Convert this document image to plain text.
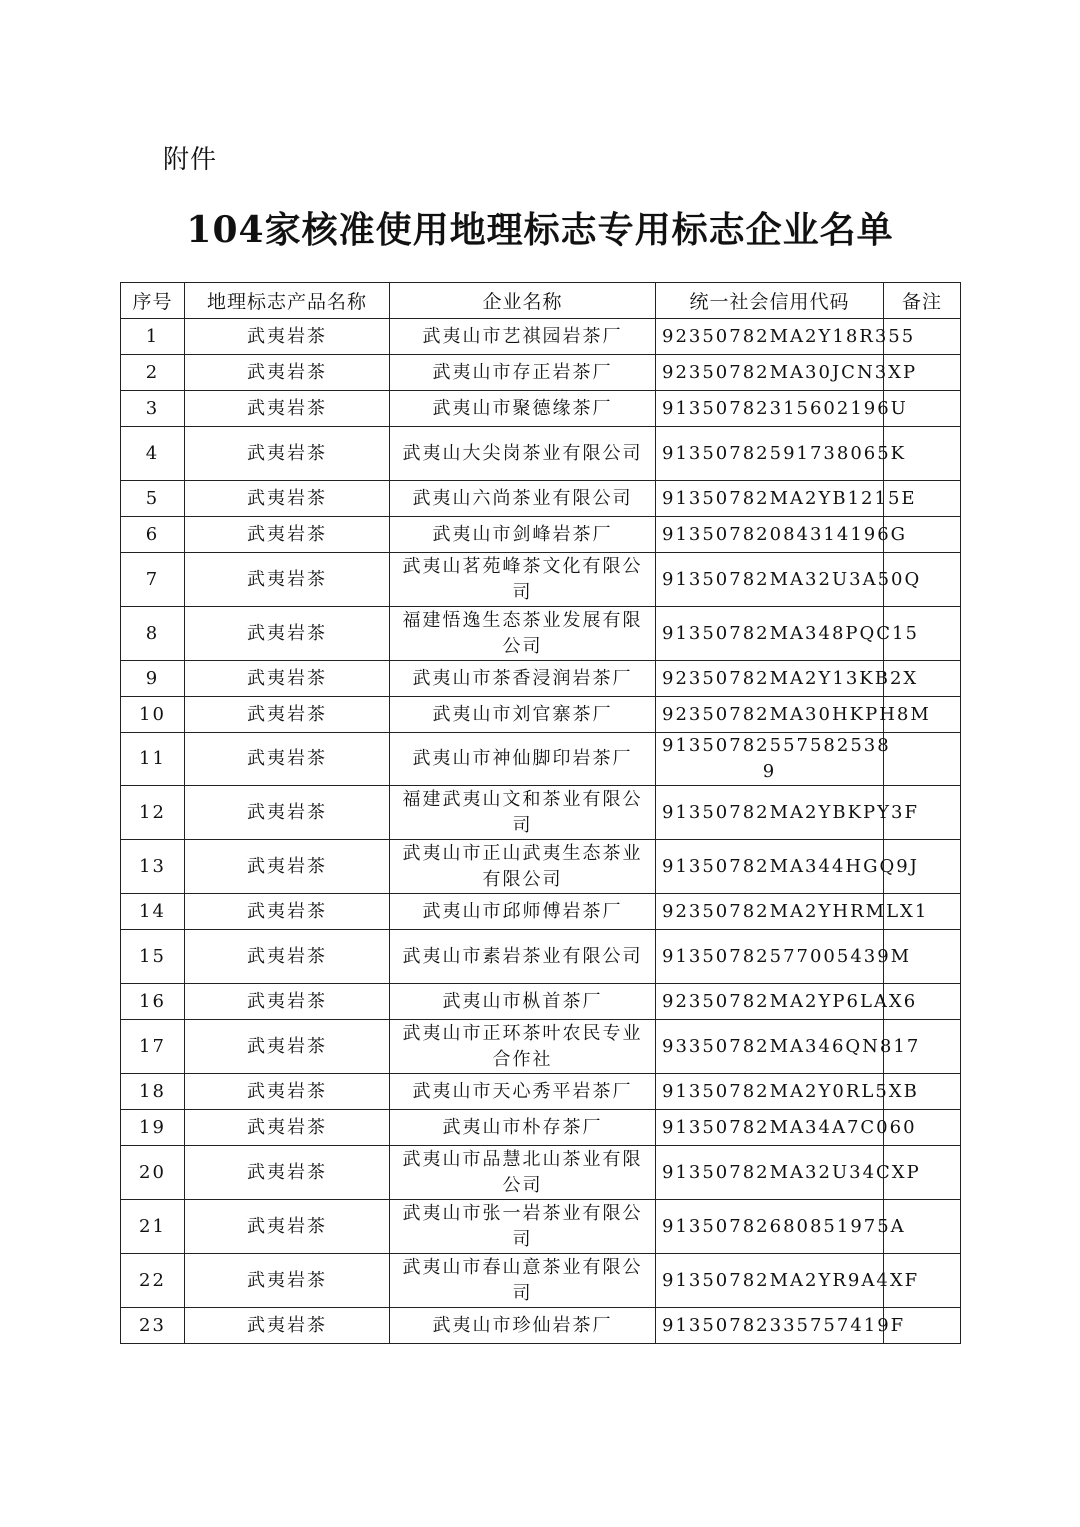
附件
104家核准使用地理标志专用标志企业名单
序号	地理标志产品名称	企业名称	统一社会信用代码	备注
1	武夷岩茶	武夷山市艺祺园岩茶厂	92350782MA2Y18R355	
2	武夷岩茶	武夷山市存正岩茶厂	92350782MA30JCN3XP	
3	武夷岩茶	武夷山市聚德缘茶厂	91350782315602196U	
4	武夷岩茶	武夷山大尖岗茶业有限公司	91350782591738065K	
5	武夷岩茶	武夷山六尚茶业有限公司	91350782MA2YB1215E	
6	武夷岩茶	武夷山市剑峰岩茶厂	91350782084314196G	
7	武夷岩茶	武夷山茗苑峰茶文化有限公司	91350782MA32U3A50Q	
8	武夷岩茶	福建悟逸生态茶业发展有限公司	91350782MA348PQC15	
9	武夷岩茶	武夷山市茶香浸润岩茶厂	92350782MA2Y13KB2X	
10	武夷岩茶	武夷山市刘官寨茶厂	92350782MA30HKPH8M	
11	武夷岩茶	武夷山市神仙脚印岩茶厂	91350782557582538 9	
12	武夷岩茶	福建武夷山文和茶业有限公司	91350782MA2YBKPY3F	
13	武夷岩茶	武夷山市正山武夷生态茶业有限公司	91350782MA344HGQ9J	
14	武夷岩茶	武夷山市邱师傅岩茶厂	92350782MA2YHRMLX1	
15	武夷岩茶	武夷山市素岩茶业有限公司	91350782577005439M	
16	武夷岩茶	武夷山市枞首茶厂	92350782MA2YP6LAX6	
17	武夷岩茶	武夷山市正环茶叶农民专业合作社	93350782MA346QN817	
18	武夷岩茶	武夷山市天心秀平岩茶厂	91350782MA2Y0RL5XB	
19	武夷岩茶	武夷山市朴存茶厂	91350782MA34A7C060	
20	武夷岩茶	武夷山市品慧北山茶业有限公司	91350782MA32U34CXP	
21	武夷岩茶	武夷山市张一岩茶业有限公司	91350782680851975A	
22	武夷岩茶	武夷山市春山意茶业有限公司	91350782MA2YR9A4XF	
23	武夷岩茶	武夷山市珍仙岩茶厂	91350782335757419F	
